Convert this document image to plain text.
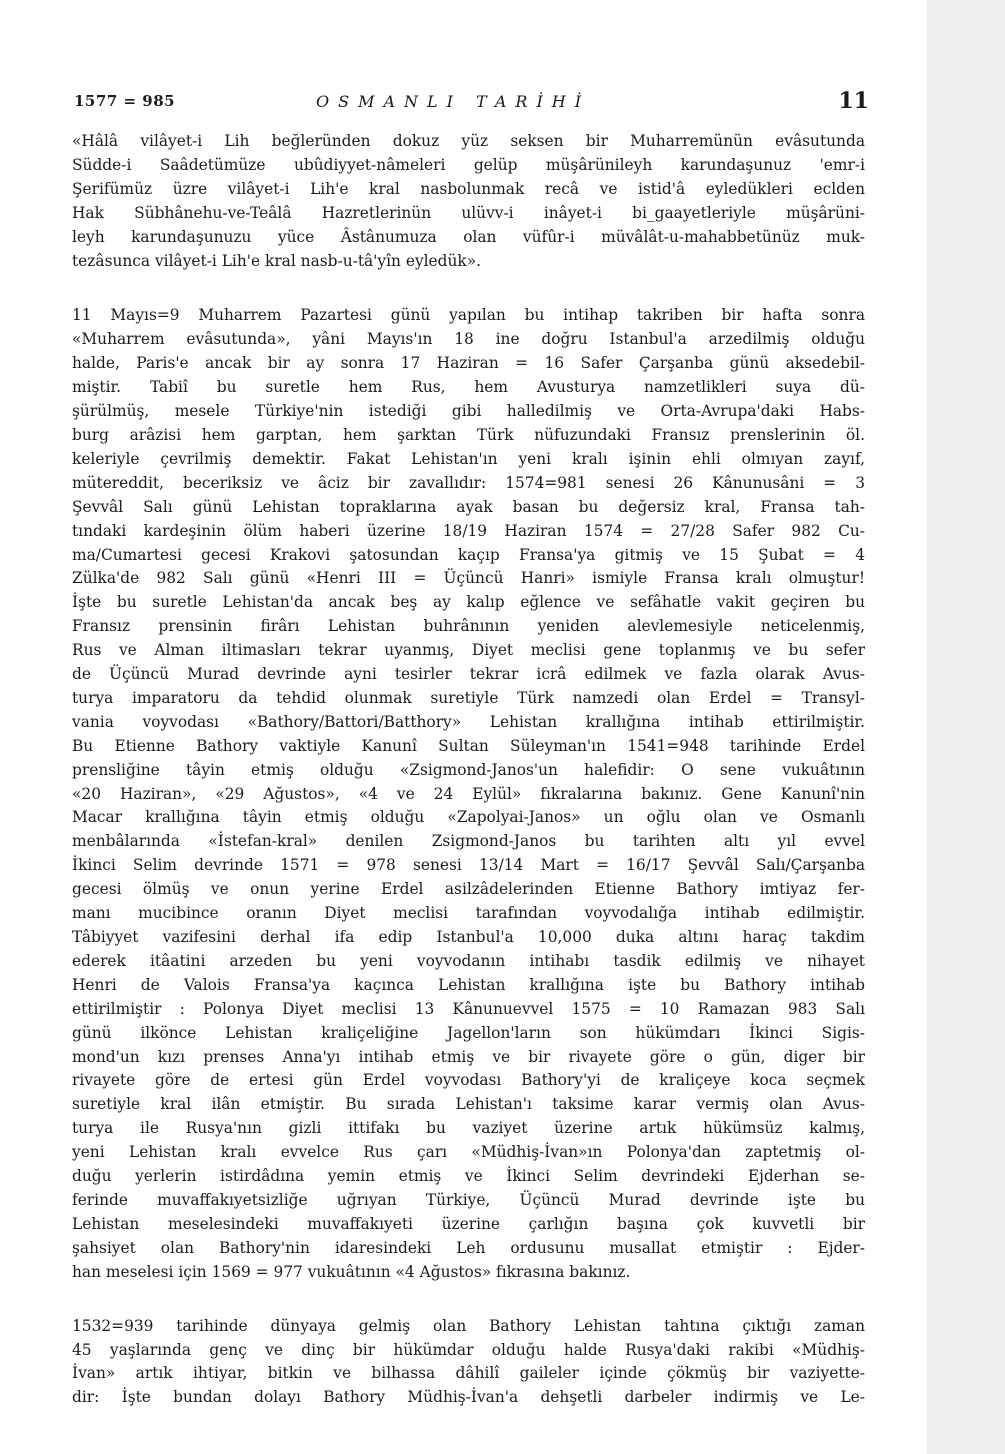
1577 = 985	OSMANLI TARİHİ	11

«Hâlâ vilâyet-i Lih beğleründen dokuz yüz seksen bir Muharremünün evâsutunda
Südde-i Saâdetümüze ubûdiyyet-nâmeleri gelüp müşârünileyh karundaşunuz 'emr-i
Şerifümüz üzre vilâyet-i Lih'e kral nasbolunmak recâ ve istid'â eyledükleri eclden
Hak Sübhânehu-ve-Teâlâ Hazretlerinün ulüvv-i inâyet-i bi_gaayetleriyle müşârüni-
leyh karundaşunuzu yüce Âstânumuza olan vüfûr-i müvâlât-u-mahabbetünüz muk-
tezâsunca vilâyet-i Lih'e kral nasb-u-tâ'yîn eyledük».

11 Mayıs=9 Muharrem Pazartesi günü yapılan bu intihap takriben bir hafta sonra
«Muharrem evâsutunda», yâni Mayıs'ın 18 ine doğru Istanbul'a arzedilmiş olduğu
halde, Paris'e ancak bir ay sonra 17 Haziran = 16 Safer Çarşanba günü aksedebil-
miştir. Tabiî bu suretle hem Rus, hem Avusturya namzetlikleri suya dü-
şürülmüş, mesele Türkiye'nin istediği gibi halledilmiş ve Orta-Avrupa'daki Habs-
burg arâzisi hem garptan, hem şarktan Türk nüfuzundaki Fransız prenslerinin öl.
keleriyle çevrilmiş demektir. Fakat Lehistan'ın yeni kralı işinin ehli olmıyan zayıf,
mütereddit, beceriksiz ve âciz bir zavallıdır: 1574=981 senesi 26 Kânunusâni = 3
Şevvâl Salı günü Lehistan topraklarına ayak basan bu değersiz kral, Fransa tah-
tındaki kardeşinin ölüm haberi üzerine 18/19 Haziran 1574 = 27/28 Safer 982 Cu-
ma/Cumartesi gecesi Krakovi şatosundan kaçıp Fransa'ya gitmiş ve 15 Şubat = 4
Zülka'de 982 Salı günü «Henri III = Üçüncü Hanri» ismiyle Fransa kralı olmuştur!
İşte bu suretle Lehistan'da ancak beş ay kalıp eğlence ve sefâhatle vakit geçiren bu
Fransız prensinin firârı Lehistan buhrânının yeniden alevlemesiyle neticelenmiş,
Rus ve Alman iltimasları tekrar uyanmış, Diyet meclisi gene toplanmış ve bu sefer
de Üçüncü Murad devrinde ayni tesirler tekrar icrâ edilmek ve fazla olarak Avus-
turya imparatoru da tehdid olunmak suretiyle Türk namzedi olan Erdel = Transyl-
vania voyvodası «Bathory/Battori/Batthory» Lehistan krallığına intihab ettirilmiştir.
Bu Etienne Bathory vaktiyle Kanunî Sultan Süleyman'ın 1541=948 tarihinde Erdel
prensliğine tâyin etmiş olduğu «Zsigmond-Janos'un halefidir: O sene vukuâtının
«20 Haziran», «29 Ağustos», «4 ve 24 Eylül» fıkralarına bakınız. Gene Kanunî'nin
Macar krallığına tâyin etmiş olduğu «Zapolyai-Janos» un oğlu olan ve Osmanlı
menbâlarında «İstefan-kral» denilen Zsigmond-Janos bu tarihten altı yıl evvel
İkinci Selim devrinde 1571 = 978 senesi 13/14 Mart = 16/17 Şevvâl Salı/Çarşanba
gecesi ölmüş ve onun yerine Erdel asilzâdelerinden Etienne Bathory imtiyaz fer-
manı mucibince oranın Diyet meclisi tarafından voyvodalığa intihab edilmiştir.
Tâbiyyet vazifesini derhal ifa edip Istanbul'a 10,000 duka altını haraç takdim
ederek itâatini arzeden bu yeni voyvodanın intihabı tasdik edilmiş ve nihayet
Henri de Valois Fransa'ya kaçınca Lehistan krallığına işte bu Bathory intihab
ettirilmiştir : Polonya Diyet meclisi 13 Kânunuevvel 1575 = 10 Ramazan 983 Salı
günü ilkönce Lehistan kraliçeliğine Jagellon'ların son hükümdarı İkinci Sigis-
mond'un kızı prenses Anna'yı intihab etmiş ve bir rivayete göre o gün, diger bir
rivayete göre de ertesi gün Erdel voyvodası Bathory'yi de kraliçeye koca seçmek
suretiyle kral ilân etmiştir. Bu sırada Lehistan'ı taksime karar vermiş olan Avus-
turya ile Rusya'nın gizli ittifakı bu vaziyet üzerine artık hükümsüz kalmış,
yeni Lehistan kralı evvelce Rus çarı «Müdhiş-İvan»ın Polonya'dan zaptetmiş ol-
duğu yerlerin istirdâdına yemin etmiş ve İkinci Selim devrindeki Ejderhan se-
ferinde muvaffakıyetsizliğe uğrıyan Türkiye, Üçüncü Murad devrinde işte bu
Lehistan meselesindeki muvaffakıyeti üzerine çarlığın başına çok kuvvetli bir
şahsiyet olan Bathory'nin idaresindeki Leh ordusunu musallat etmiştir : Ejder-
han meselesi için 1569 = 977 vukuâtının «4 Ağustos» fıkrasına bakınız.

1532=939 tarihinde dünyaya gelmiş olan Bathory Lehistan tahtına çıktığı zaman
45 yaşlarında genç ve dinç bir hükümdar olduğu halde Rusya'daki rakibi «Müdhiş-
İvan» artık ihtiyar, bitkin ve bilhassa dâhilî gaileler içinde çökmüş bir vaziyette-
dir: İşte bundan dolayı Bathory Müdhiş-İvan'a dehşetli darbeler indirmiş ve Le-
